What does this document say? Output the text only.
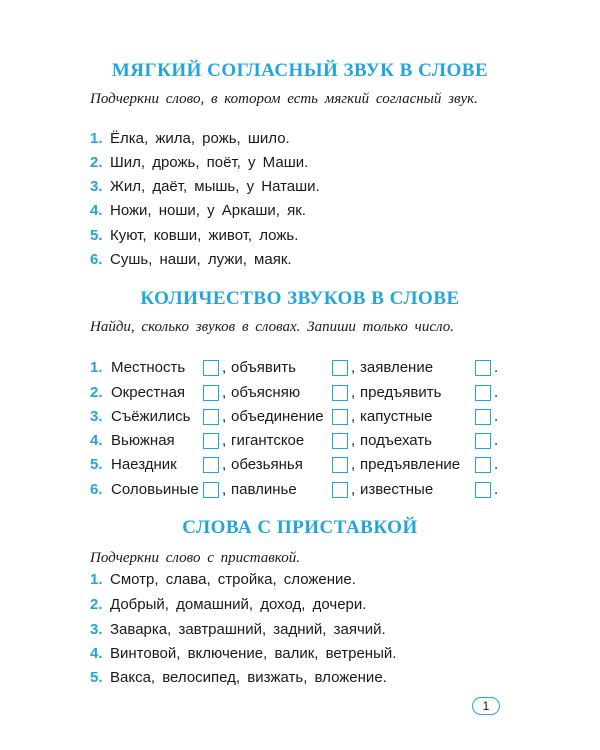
МЯГКИЙ СОГЛАСНЫЙ ЗВУК В СЛОВЕ
Подчеркни слово, в котором есть мягкий согласный звук.
1. Ёлка, жила, рожь, шило.
2. Шил, дрожь, поёт, у Маши.
3. Жил, даёт, мышь, у Наташи.
4. Ножи, ноши, у Аркаши, як.
5. Куют, ковши, живот, ложь.
6. Сушь, наши, лужи, маяк.
КОЛИЧЕСТВО ЗВУКОВ В СЛОВЕ
Найди, сколько звуков в словах. Запиши только число.
1. Местность , объявить	, заявление	.
2. Окрестная , объясняю	, предъявить	.
3. Съёжились , объединение , капустные	.
4. Вьюжная	, гигантское	, подъехать	.
5. Наездник	, обезьянья	, предъявление .
6. Соловьиные , павлинье	, известные	.
СЛОВА С ПРИСТАВКОЙ
Подчеркни слово с приставкой.
1. Смотр, слава, стройка, сложение.
2. Добрый, домашний, доход, дочери.
3. Заварка, завтрашний, задний, заячий.
4. Винтовой, включение, валик, ветреный.
5. Вакса, велосипед, визжать, вложение.
1
